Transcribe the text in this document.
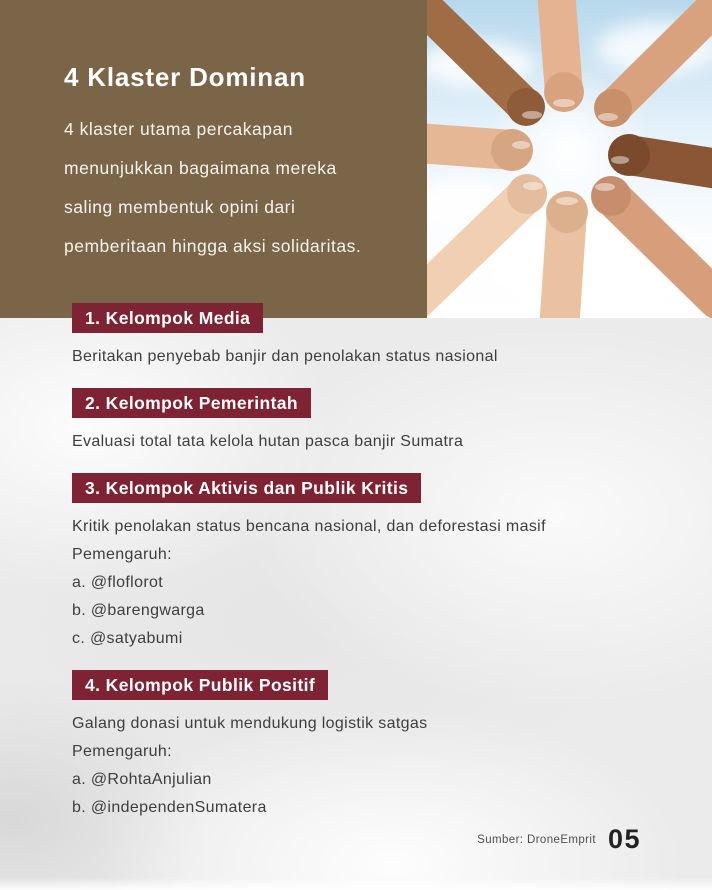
4 Klaster Dominan
4 klaster utama percakapan
menunjukkan bagaimana mereka
saling membentuk opini dari
pemberitaan hingga aksi solidaritas.
1. Kelompok Media
Beritakan penyebab banjir dan penolakan status nasional
2. Kelompok Pemerintah
Evaluasi total tata kelola hutan pasca banjir Sumatra
3. Kelompok Aktivis dan Publik Kritis
Kritik penolakan status bencana nasional, dan deforestasi masif
Pemengaruh:
a. @floflorot
b. @barengwarga
c. @satyabumi
4. Kelompok Publik Positif
Galang donasi untuk mendukung logistik satgas
Pemengaruh:
a. @RohtaAnjulian
b. @independenSumatera
Sumber: DroneEmprit 05
